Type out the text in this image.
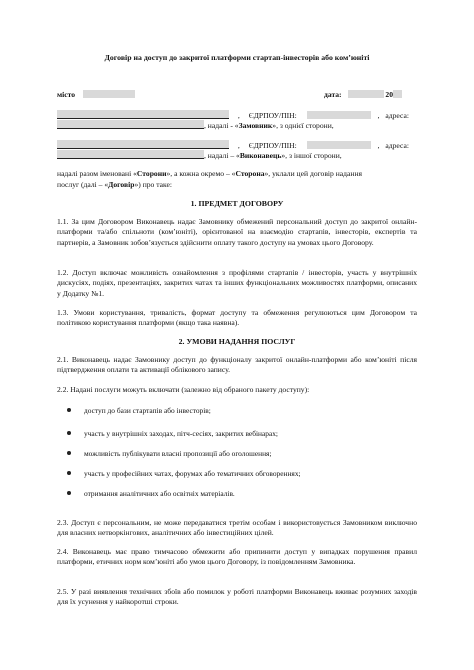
Договір на доступ до закритої платформи стартап-інвесторів або ком’юніті
місто	дата:	20
, ЄДРПОУ/ПІН:	, адреса:
, надалі - «Замовник», з однієї сторони,
, ЄДРПОУ/ПІН:	, адреса:
, надалі – «Виконавець», з іншої сторони,
надалі разом іменовані «Сторони», а кожна окремо – «Сторона», уклали цей договір надання
послуг (далі – «Договір») про таке:
1. ПРЕДМЕТ ДОГОВОРУ
1.1. За цим Договором Виконавець надає Замовнику обмежений персональний доступ до закритої онлайн-платформи та/або спільноти (ком’юніті), орієнтованої на взаємодію стартапів, інвесторів, експертів та партнерів, а Замовник зобов’язується здійснити оплату такого доступу на умовах цього Договору.
1.2. Доступ включає можливість ознайомлення з профілями стартапів / інвесторів, участь у внутрішніх дискусіях, подіях, презентаціях, закритих чатах та інших функціональних можливостях платформи, описаних у Додатку №1.
1.3. Умови користування, тривалість, формат доступу та обмеження регулюються цим Договором та політикою користування платформи (якщо така наявна).
2. УМОВИ НАДАННЯ ПОСЛУГ
2.1. Виконавець надає Замовнику доступ до функціоналу закритої онлайн-платформи або ком’юніті після підтвердження оплати та активації облікового запису.
2.2. Надані послуги можуть включати (залежно від обраного пакету доступу):
доступ до бази стартапів або інвесторів;
участь у внутрішніх заходах, пітч-сесіях, закритих вебінарах;
можливість публікувати власні пропозиції або оголошення;
участь у професійних чатах, форумах або тематичних обговореннях;
отримання аналітичних або освітніх матеріалів.
2.3. Доступ є персональним, не може передаватися третім особам і використовується Замовником виключно для власних нетворкінгових, аналітичних або інвестиційних цілей.
2.4. Виконавець має право тимчасово обмежити або припинити доступ у випадках порушення правил платформи, етичних норм ком’юніті або умов цього Договору, із повідомленням Замовника.
2.5. У разі виявлення технічних збоїв або помилок у роботі платформи Виконавець вживає розумних заходів для їх усунення у найкоротші строки.
